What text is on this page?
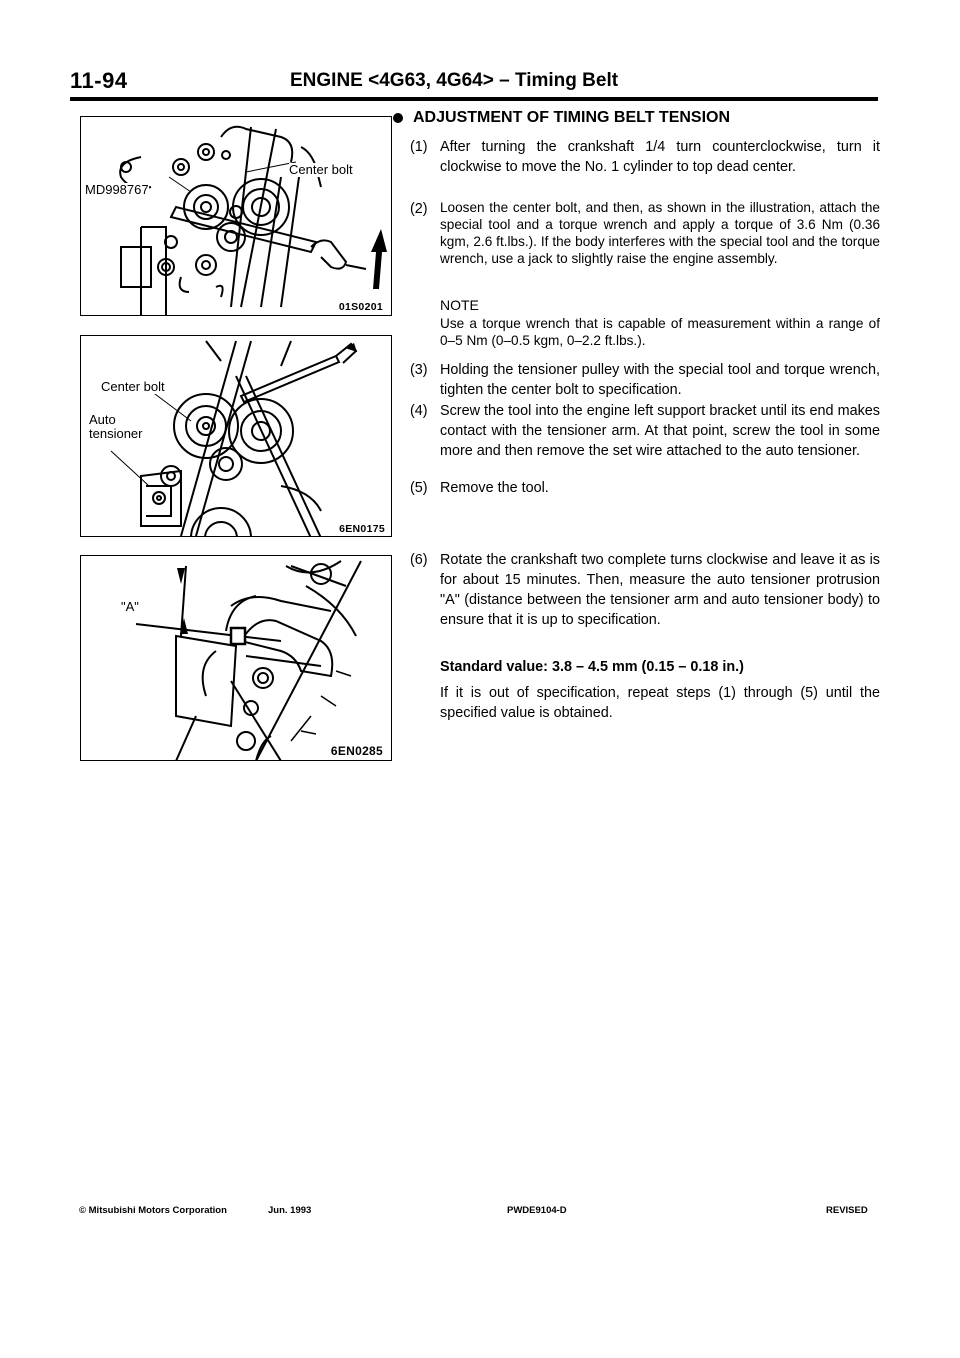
11-94	ENGINE <4G63, 4G64> – Timing Belt
Center bolt
MD998767
01S0201
Center bolt
Auto
tensioner
6EN0175
"A"
6EN0285
ADJUSTMENT OF TIMING BELT TENSION
(1) After turning the crankshaft 1/4 turn counterclockwise, turn it clockwise to move the No. 1 cylinder to top dead center.
(2) Loosen the center bolt, and then, as shown in the illustration, attach the special tool and a torque wrench and apply a torque of 3.6 Nm (0.36 kgm, 2.6 ft.lbs.). If the body interferes with the special tool and the torque wrench, use a jack to slightly raise the engine assembly.
NOTE
Use a torque wrench that is capable of measurement within a range of 0–5 Nm (0–0.5 kgm, 0–2.2 ft.lbs.).
(3) Holding the tensioner pulley with the special tool and torque wrench, tighten the center bolt to specification.
(4) Screw the tool into the engine left support bracket until its end makes contact with the tensioner arm. At that point, screw the tool in some more and then remove the set wire attached to the auto tensioner.
(5) Remove the tool.
(6) Rotate the crankshaft two complete turns clockwise and leave it as is for about 15 minutes. Then, measure the auto tensioner protrusion "A" (distance between the tensioner arm and auto tensioner body) to ensure that it is up to specification.
Standard value: 3.8 – 4.5 mm (0.15 – 0.18 in.)
If it is out of specification, repeat steps (1) through (5) until the specified value is obtained.
© Mitsubishi Motors Corporation	Jun. 1993	PWDE9104-D	REVISED
